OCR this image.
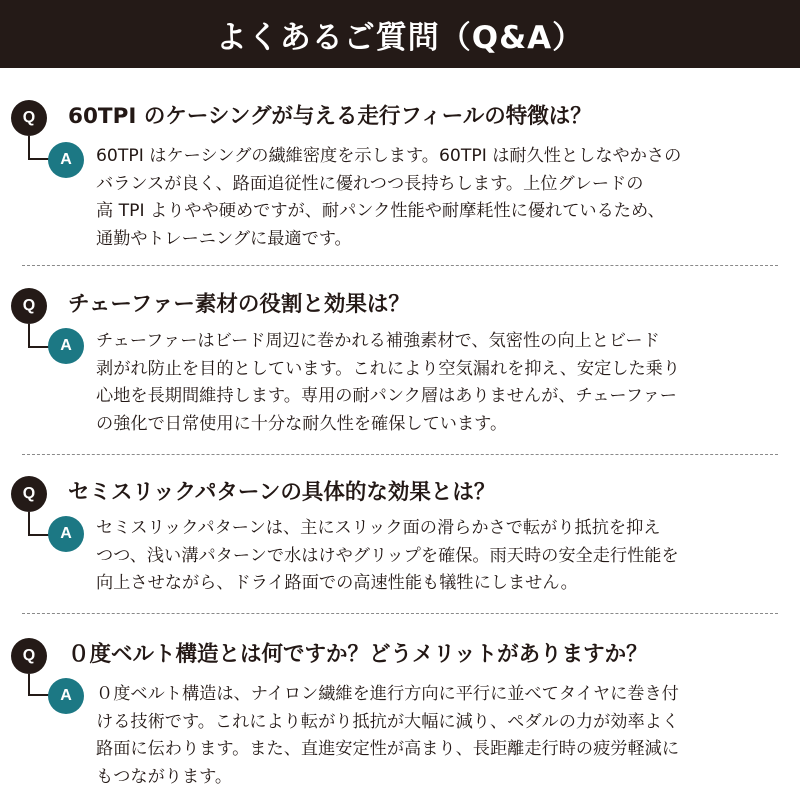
よくあるご質問（Q&A）
Q	60TPI のケーシングが与える走行フィールの特徴は？
A	60TPI はケーシングの繊維密度を示します。60TPI は耐久性としなやかさの
バランスが良く、路面追従性に優れつつ長持ちします。上位グレードの
高 TPI よりやや硬めですが、耐パンク性能や耐摩耗性に優れているため、
通勤やトレーニングに最適です。
Q	チェーファー素材の役割と効果は？
A	チェーファーはビード周辺に巻かれる補強素材で、気密性の向上とビード
剥がれ防止を目的としています。これにより空気漏れを抑え、安定した乗り
心地を長期間維持します。専用の耐パンク層はありませんが、チェーファー
の強化で日常使用に十分な耐久性を確保しています。
Q	セミスリックパターンの具体的な効果とは？
A	セミスリックパターンは、主にスリック面の滑らかさで転がり抵抗を抑え
つつ、浅い溝パターンで水はけやグリップを確保。雨天時の安全走行性能を
向上させながら、ドライ路面での高速性能も犠牲にしません。
Q	０度ベルト構造とは何ですか？どうメリットがありますか？
A	０度ベルト構造は、ナイロン繊維を進行方向に平行に並べてタイヤに巻き付
ける技術です。これにより転がり抵抗が大幅に減り、ペダルの力が効率よく
路面に伝わります。また、直進安定性が高まり、長距離走行時の疲労軽減に
もつながります。
